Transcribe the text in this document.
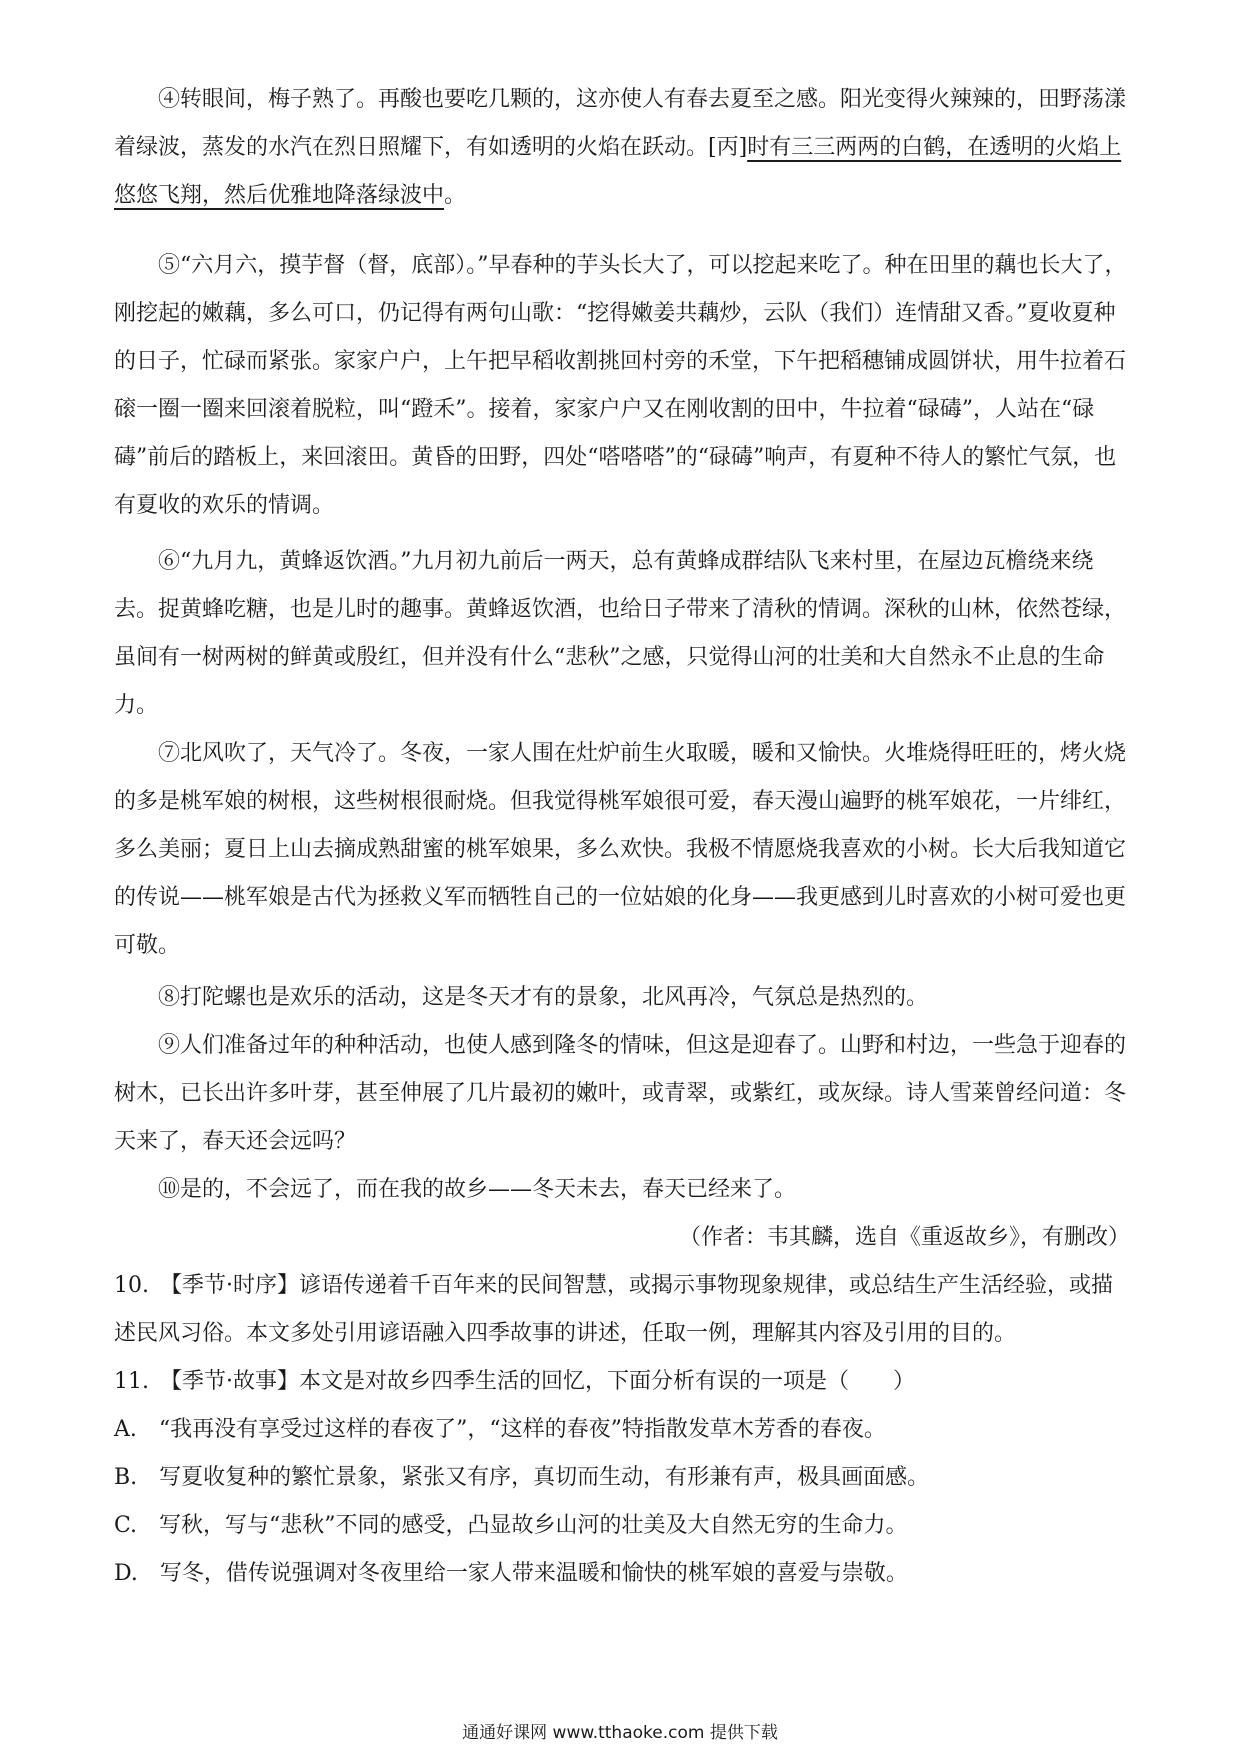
④转眼间，梅子熟了。再酸也要吃几颗的，这亦使人有春去夏至之感。阳光变得火辣辣的，田野荡漾着绿波，蒸发的水汽在烈日照耀下，有如透明的火焰在跃动。[丙]时有三三两两的白鹤，在透明的火焰上悠悠飞翔，然后优雅地降落绿波中。

⑤“六月六，摸芋督（督，底部）。”早春种的芋头长大了，可以挖起来吃了。种在田里的藕也长大了，刚挖起的嫩藕，多么可口，仍记得有两句山歌：“挖得嫩姜共藕炒，云队（我们）连情甜又香。”夏收夏种的日子，忙碌而紧张。家家户户，上午把早稻收割挑回村旁的禾堂，下午把稻穗铺成圆饼状，用牛拉着石磙一圈一圈来回滚着脱粒，叫“蹬禾”。接着，家家户户又在刚收割的田中，牛拉着“碌碡”，人站在“碌碡”前后的踏板上，来回滚田。黄昏的田野，四处“嗒嗒嗒”的“碌碡”响声，有夏种不待人的繁忙气氛，也有夏收的欢乐的情调。

⑥“九月九，黄蜂返饮酒。”九月初九前后一两天，总有黄蜂成群结队飞来村里，在屋边瓦檐绕来绕去。捉黄蜂吃糖，也是儿时的趣事。黄蜂返饮酒，也给日子带来了清秋的情调。深秋的山林，依然苍绿，虽间有一树两树的鲜黄或殷红，但并没有什么“悲秋”之感，只觉得山河的壮美和大自然永不止息的生命力。

⑦北风吹了，天气冷了。冬夜，一家人围在灶炉前生火取暖，暖和又愉快。火堆烧得旺旺的，烤火烧的多是桃军娘的树根，这些树根很耐烧。但我觉得桃军娘很可爱，春天漫山遍野的桃军娘花，一片绯红，多么美丽；夏日上山去摘成熟甜蜜的桃军娘果，多么欢快。我极不情愿烧我喜欢的小树。长大后我知道它的传说——桃军娘是古代为拯救义军而牺牲自己的一位姑娘的化身——我更感到儿时喜欢的小树可爱也更可敬。

⑧打陀螺也是欢乐的活动，这是冬天才有的景象，北风再冷，气氛总是热烈的。

⑨人们准备过年的种种活动，也使人感到隆冬的情味，但这是迎春了。山野和村边，一些急于迎春的树木，已长出许多叶芽，甚至伸展了几片最初的嫩叶，或青翠，或紫红，或灰绿。诗人雪莱曾经问道：冬天来了，春天还会远吗？

⑩是的，不会远了，而在我的故乡——冬天未去，春天已经来了。

（作者：韦其麟，选自《重返故乡》，有删改）

10.　【季节·时序】谚语传递着千百年来的民间智慧，或揭示事物现象规律，或总结生产生活经验，或描述民风习俗。本文多处引用谚语融入四季故事的讲述，任取一例，理解其内容及引用的目的。

11.　【季节·故事】本文是对故乡四季生活的回忆，下面分析有误的一项是（　　）

A.　“我再没有享受过这样的春夜了”，“这样的春夜”特指散发草木芳香的春夜。

B.　写夏收复种的繁忙景象，紧张又有序，真切而生动，有形兼有声，极具画面感。

C.　写秋，写与“悲秋”不同的感受，凸显故乡山河的壮美及大自然无穷的生命力。

D.　写冬，借传说强调对冬夜里给一家人带来温暖和愉快的桃军娘的喜爱与崇敬。

通通好课网 www.tthaoke.com 提供下载
